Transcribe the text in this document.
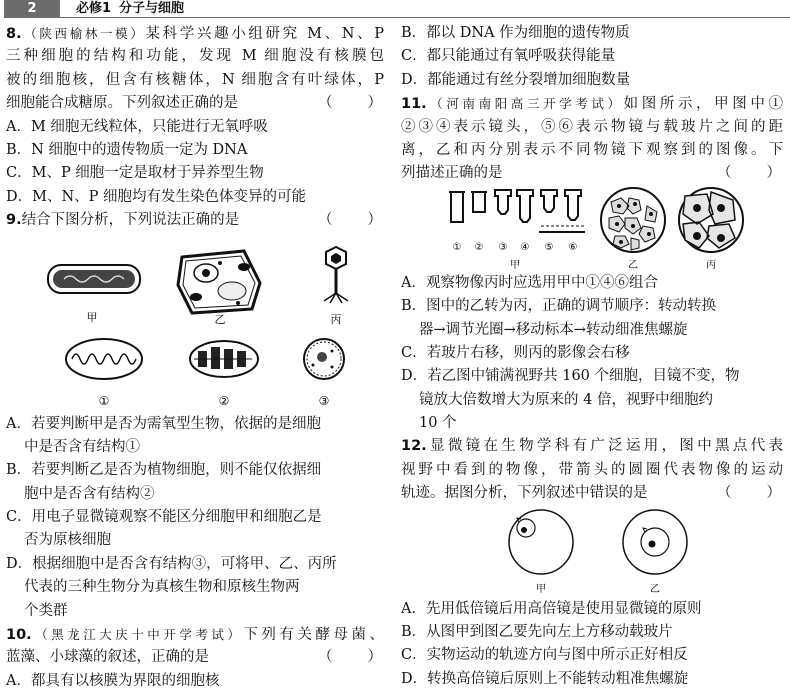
2	必修1 分子与细胞
8.（陕西榆林一模）某科学兴趣小组研究 M、N、P
三种细胞的结构和功能，发现 M 细胞没有核膜包
被的细胞核，但含有核糖体，N 细胞含有叶绿体，P
细胞能合成糖原。下列叙述正确的是	（　　）
A．M 细胞无线粒体，只能进行无氧呼吸
B．N 细胞中的遗传物质一定为 DNA
C．M、P 细胞一定是取材于异养型生物
D．M、N、P 细胞均有发生染色体变异的可能
9.结合下图分析，下列说法正确的是	（　　）
甲	乙	丙
①	②	③
A．若要判断甲是否为需氧型生物，依据的是细胞
中是否含有结构①
B．若要判断乙是否为植物细胞，则不能仅依据细
胞中是否含有结构②
C．用电子显微镜观察不能区分细胞甲和细胞乙是
否为原核细胞
D．根据细胞中是否含有结构③，可将甲、乙、丙所
代表的三种生物分为真核生物和原核生物两
个类群
10.（黑龙江大庆十中开学考试）下列有关酵母菌、
蓝藻、小球藻的叙述，正确的是	（　　）
A．都具有以核膜为界限的细胞核
B．都以 DNA 作为细胞的遗传物质
C．都只能通过有氧呼吸获得能量
D．都能通过有丝分裂增加细胞数量
11.（河南南阳高三开学考试）如图所示，甲图中①
②③④表示镜头，⑤⑥表示物镜与载玻片之间的距
离，乙和丙分别表示不同物镜下观察到的图像。下
列描述正确的是	（　　）
① ② ③ ④ ⑤ ⑥
甲	乙	丙
A．观察物像丙时应选用甲中①④⑥组合
B．图中的乙转为丙，正确的调节顺序：转动转换
器→调节光圈→移动标本→转动细准焦螺旋
C．若玻片右移，则丙的影像会右移
D．若乙图中铺满视野共 160 个细胞，目镜不变，物
镜放大倍数增大为原来的 4 倍，视野中细胞约
10 个
12.显微镜在生物学科有广泛运用，图中黑点代表
视野中看到的物像，带箭头的圆圈代表物像的运动
轨迹。据图分析，下列叙述中错误的是	（　　）
甲	乙
A．先用低倍镜后用高倍镜是使用显微镜的原则
B．从图甲到图乙要先向左上方移动载玻片
C．实物运动的轨迹方向与图中所示正好相反
D．转换高倍镜后原则上不能转动粗准焦螺旋
